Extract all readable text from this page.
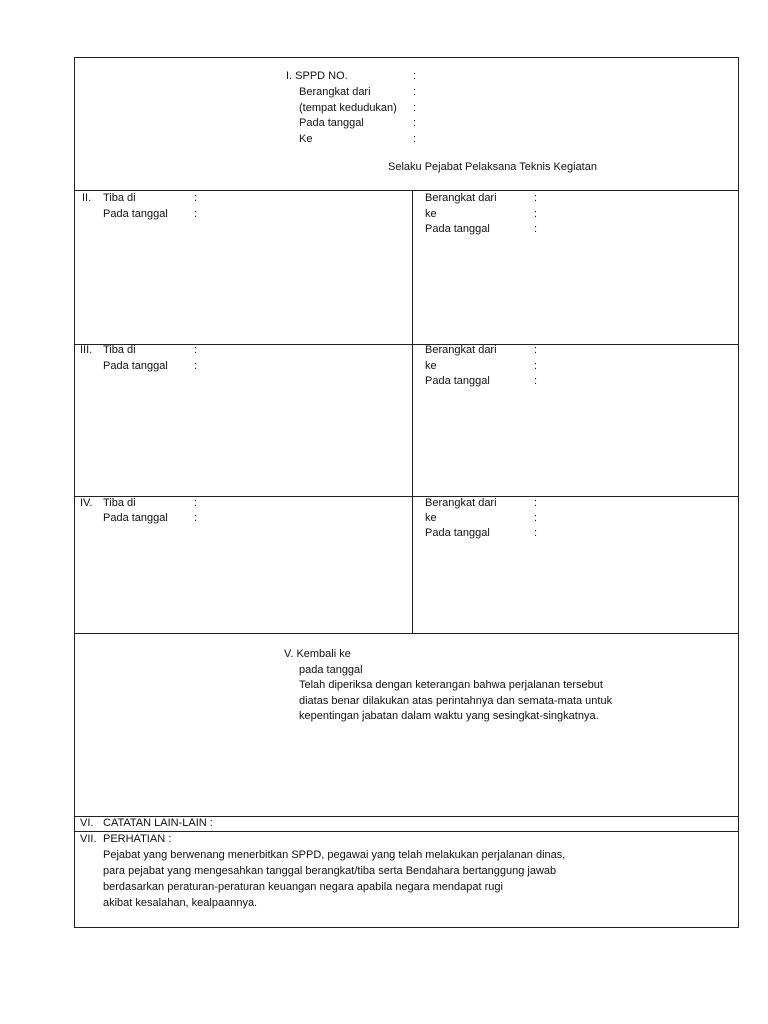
I. SPPD NO.	:
Berangkat dari	:
(tempat kedudukan) :
Pada tanggal	:
Ke	:
Selaku Pejabat Pelaksana Teknis Kegiatan
II. Tiba di	:
Pada tanggal :
Berangkat dari	:
ke	:
Pada tanggal	:
III. Tiba di	:
Pada tanggal :
Berangkat dari	:
ke	:
Pada tanggal	:
IV. Tiba di	:
Pada tanggal :
Berangkat dari	:
ke	:
Pada tanggal	:
V. Kembali ke
pada tanggal
Telah diperiksa dengan keterangan bahwa perjalanan tersebut
diatas benar dilakukan atas perintahnya dan semata-mata untuk
kepentingan jabatan dalam waktu yang sesingkat-singkatnya.
VI. CATATAN LAIN-LAIN :
VII. PERHATIAN :
Pejabat yang berwenang menerbitkan SPPD, pegawai yang telah melakukan perjalanan dinas,
para pejabat yang mengesahkan tanggal berangkat/tiba serta Bendahara bertanggung jawab
berdasarkan peraturan-peraturan keuangan negara apabila negara mendapat rugi
akibat kesalahan, kealpaannya.
